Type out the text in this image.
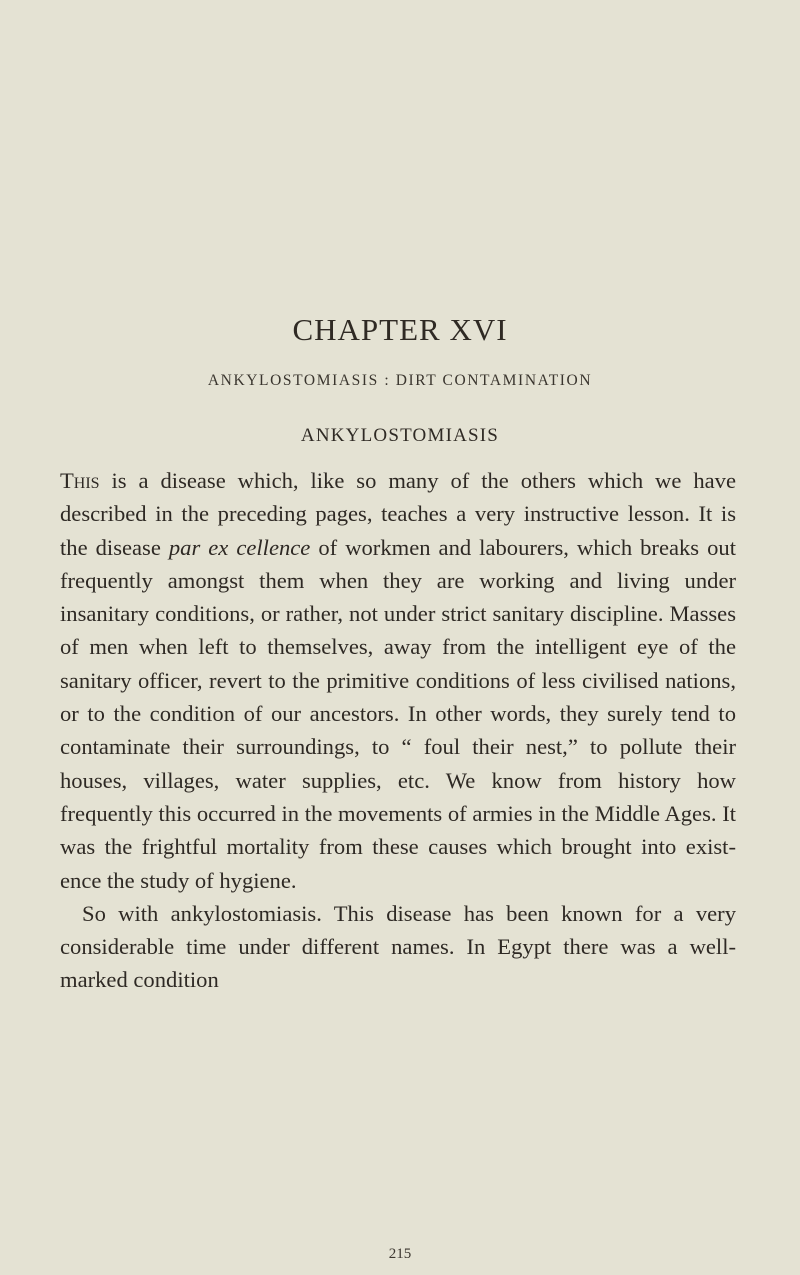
CHAPTER XVI
ANKYLOSTOMIASIS : DIRT CONTAMINATION
ANKYLOSTOMIASIS

This is a disease which, like so many of the others which we have described in the preceding pages, teaches a very instructive lesson. It is the disease par ex cellence of workmen and labourers, which breaks out frequently amongst them when they are working and living under insanitary conditions, or rather, not under strict sanitary discipline. Masses of men when left to themselves, away from the intelligent eye of the sanitary officer, revert to the primitive conditions of less civilised nations, or to the condition of our ancestors. In other words, they surely tend to contaminate their surroundings, to “ foul their nest,” to pollute their houses, villages, water supplies, etc. We know from history how frequently this occurred in the movements of armies in the Middle Ages. It was the frightful mortality from these causes which brought into exist- ence the study of hygiene.

So with ankylostomiasis. This disease has been known for a very considerable time under different names. In Egypt there was a well-marked condition

215
